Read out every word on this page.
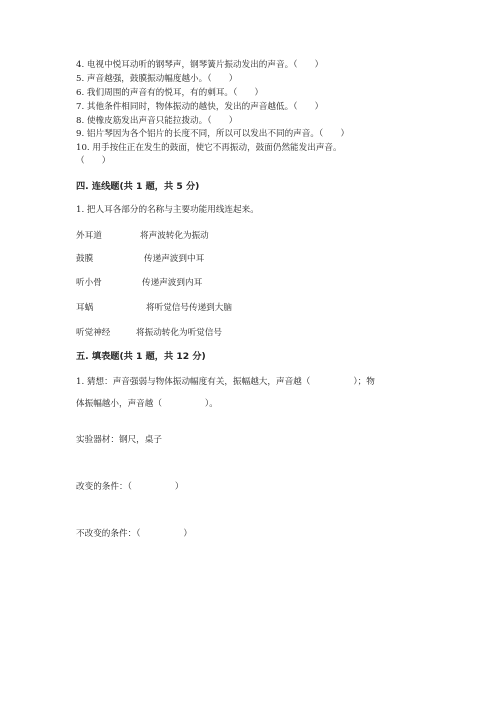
4. 电视中悦耳动听的钢琴声，钢琴簧片振动发出的声音。（　　）
5. 声音越强，鼓膜振动幅度越小。（　　）
6. 我们周围的声音有的悦耳，有的刺耳。（　　）
7. 其他条件相同时，物体振动的越快，发出的声音越低。（　　）
8. 使橡皮筋发出声音只能拉拨动。（　　）
9. 铝片琴因为各个铝片的长度不同，所以可以发出不同的声音。（　　）
10. 用手按住正在发生的鼓面，使它不再振动，鼓面仍然能发出声音。
（　　）
四. 连线题(共 1 题，共 5 分)
1. 把人耳各部分的名称与主要功能用线连起来。
外耳道	将声波转化为振动
鼓膜	传递声波到中耳
听小骨	传递声波到内耳
耳蜗	将听觉信号传递到大脑
听觉神经	将振动转化为听觉信号
五. 填表题(共 1 题，共 12 分)
1. 猜想：声音强弱与物体振动幅度有关，振幅越大，声音越（　　　　　）；物
体振幅越小，声音越（　　　　　）。
实验器材：钢尺，桌子
改变的条件：（　　　　　）
不改变的条件：（　　　　　）
